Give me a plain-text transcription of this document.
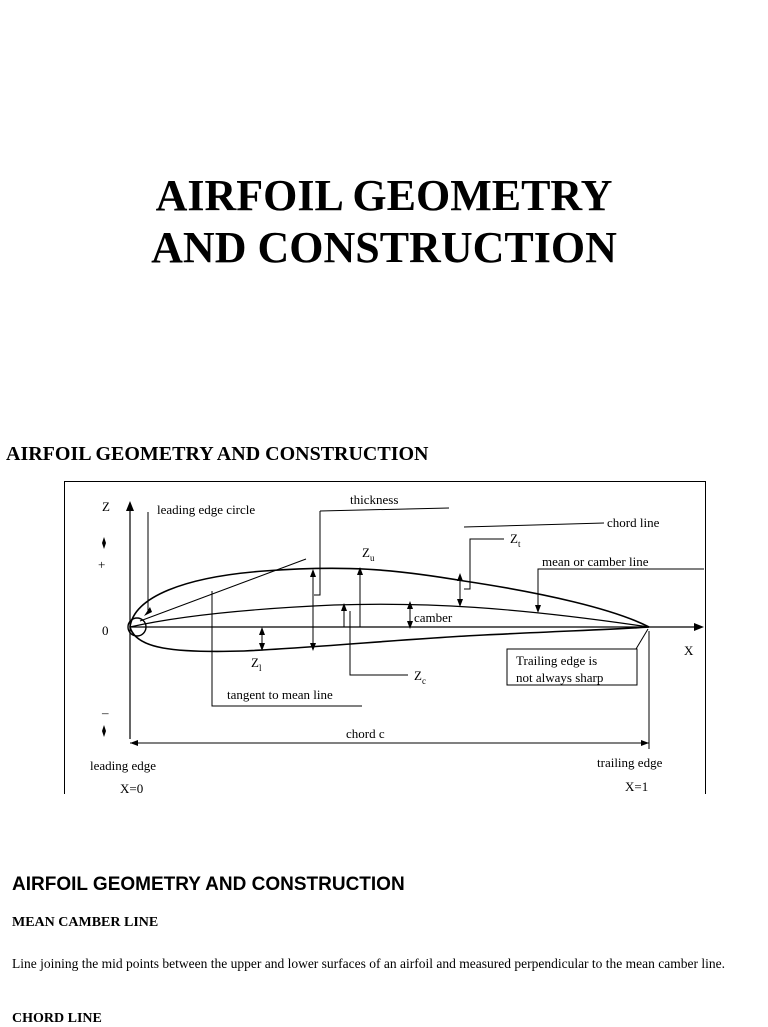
AIRFOIL GEOMETRY
AND CONSTRUCTION
AIRFOIL GEOMETRY AND CONSTRUCTION
Z
+
0
–
X
leading edge circle
thickness
$Z_u$
chord line
$Z_t$
mean or camber line
camber
$Z_c$
$Z_l$
tangent to mean line
Trailing edge is
not always sharp
chord c
leading edge	trailing edge
X=0	X=1
AIRFOIL GEOMETRY AND CONSTRUCTION
MEAN CAMBER LINE
Line joining the mid points between the upper and lower surfaces of an airfoil and measured perpendicular to the mean camber line.
CHORD LINE
